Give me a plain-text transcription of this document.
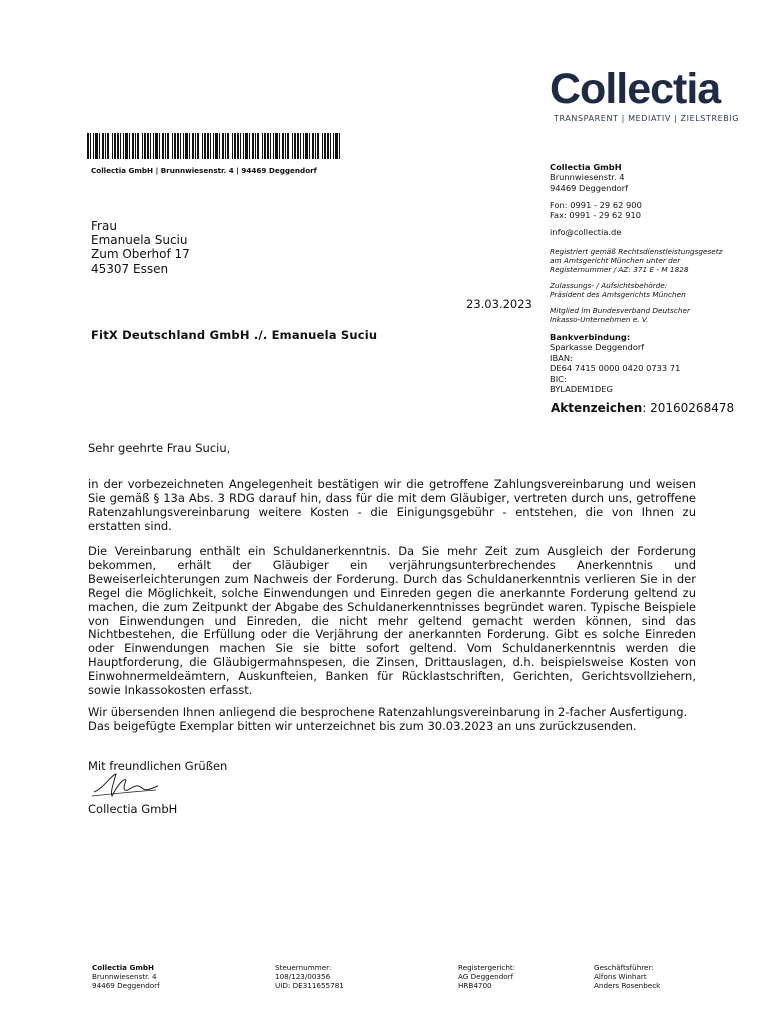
Collectia
TRANSPARENT | MEDIATIV | ZIELSTREBIG
Collectia GmbH | Brunnwiesenstr. 4 | 94469 Deggendorf
Frau
Emanuela Suciu
Zum Oberhof 17
45307 Essen
23.03.2023
FitX Deutschland GmbH ./. Emanuela Suciu
Collectia GmbH
Brunnwiesenstr. 4
94469 Deggendorf
Fon: 0991 - 29 62 900
Fax: 0991 - 29 62 910
info@collectia.de
Registriert gemäß Rechtsdienstleistungsgesetz
am Amtsgericht München unter der
Registernummer / AZ: 371 E - M 1828
Zulassungs- / Aufsichtsbehörde:
Präsident des Amtsgerichts München
Mitglied im Bundesverband Deutscher
Inkasso-Unternehmen e. V.
Bankverbindung:
Sparkasse Deggendorf
IBAN:
DE64 7415 0000 0420 0733 71
BIC:
BYLADEM1DEG
Aktenzeichen: 20160268478
Sehr geehrte Frau Suciu,
in der vorbezeichneten Angelegenheit bestätigen wir die getroffene Zahlungsvereinbarung und weisen Sie gemäß § 13a Abs. 3 RDG darauf hin, dass für die mit dem Gläubiger, vertreten durch uns, getroffene Ratenzahlungsvereinbarung weitere Kosten - die Einigungsgebühr - entstehen, die von Ihnen zu erstatten sind.
Die Vereinbarung enthält ein Schuldanerkenntnis. Da Sie mehr Zeit zum Ausgleich der Forderung bekommen, erhält der Gläubiger ein verjährungsunterbrechendes Anerkenntnis und Beweiserleichterungen zum Nachweis der Forderung. Durch das Schuldanerkenntnis verlieren Sie in der Regel die Möglichkeit, solche Einwendungen und Einreden gegen die anerkannte Forderung geltend zu machen, die zum Zeitpunkt der Abgabe des Schuldanerkenntnisses begründet waren. Typische Beispiele von Einwendungen und Einreden, die nicht mehr geltend gemacht werden können, sind das Nichtbestehen, die Erfüllung oder die Verjährung der anerkannten Forderung. Gibt es solche Einreden oder Einwendungen machen Sie sie bitte sofort geltend. Vom Schuldanerkenntnis werden die Hauptforderung, die Gläubigermahnspesen, die Zinsen, Drittauslagen, d.h. beispielsweise Kosten von Einwohnermeldeämtern, Auskunfteien, Banken für Rücklastschriften, Gerichten, Gerichtsvollziehern, sowie Inkassokosten erfasst.
Wir übersenden Ihnen anliegend die besprochene Ratenzahlungsvereinbarung in 2-facher Ausfertigung.
Das beigefügte Exemplar bitten wir unterzeichnet bis zum 30.03.2023 an uns zurückzusenden.
Mit freundlichen Grüßen
Collectia GmbH
Collectia GmbH
Brunnwiesenstr. 4
94469 Deggendorf
Steuernummer:
108/123/00356
UID: DE311655781
Registergericht:
AG Deggendorf
HRB4700
Geschäftsführer:
Alfons Winhart
Anders Rosenbeck
